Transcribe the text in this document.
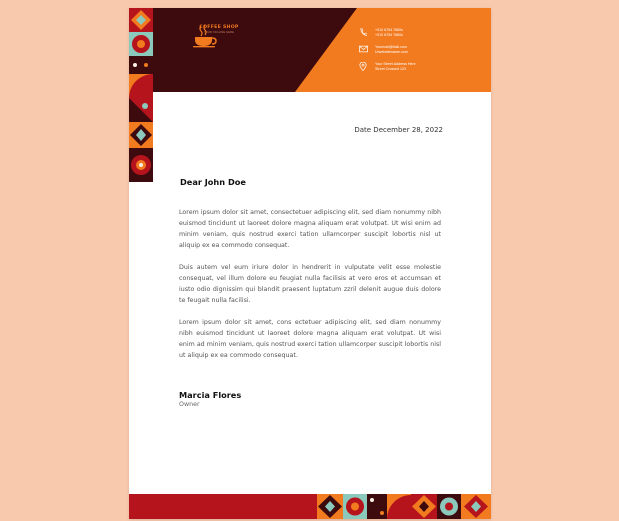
COFFEE SHOP
YOUR TAGLINE HERE
+010 6754 7660s
+010 6754 7660s
Yourmail@Mail.com
Urwebsitename.com
Your Street Address Here
Street Crossed 123
Date December 28, 2022
Dear John Doe

Lorem ipsum dolor sit amet, consectetuer adipiscing elit, sed diam nonummy nibh euismod tincidunt ut laoreet dolore magna aliquam erat volutpat. Ut wisi enim ad minim veniam, quis nostrud exerci tation ullamcorper suscipit lobortis nisl ut aliquip ex ea commodo consequat.

Duis autem vel eum iriure dolor in hendrerit in vulputate velit esse molestie consequat, vel illum dolore eu feugiat nulla facilisis at vero eros et accumsan et iusto odio dignissim qui blandit praesent luptatum zzril delenit augue duis dolore te feugait nulla facilisi.

Lorem ipsum dolor sit amet, cons ectetuer adipiscing elit, sed diam nonummy nibh euismod tincidunt ut laoreet dolore magna aliquam erat volutpat. Ut wisi enim ad minim veniam, quis nostrud exerci tation ullamcorper suscipit lobortis nisl ut aliquip ex ea commodo consequat.

Marcia Flores
Owner
